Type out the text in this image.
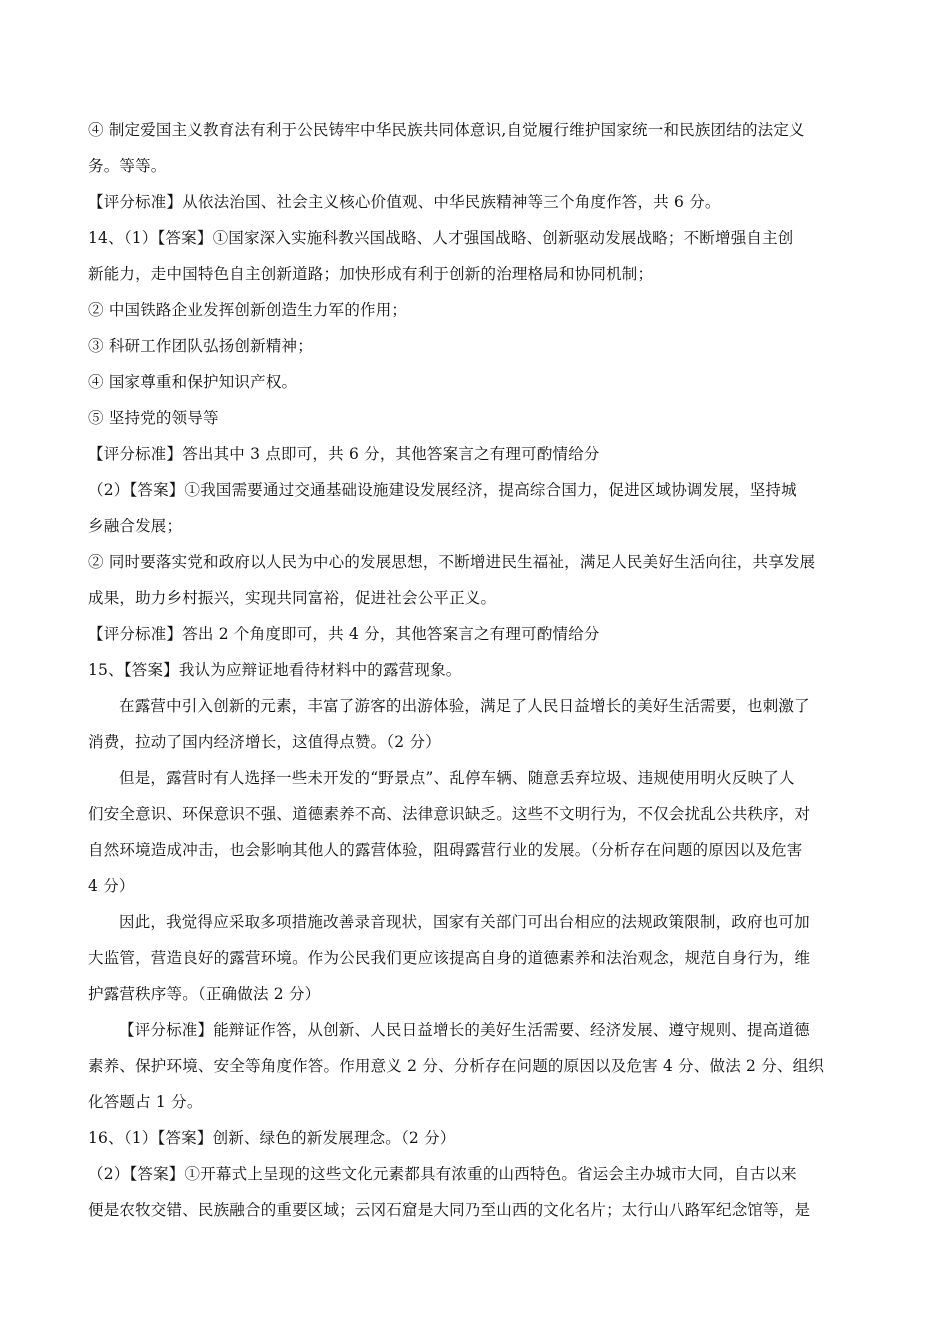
④ 制定爱国主义教育法有利于公民铸牢中华民族共同体意识,自觉履行维护国家统一和民族团结的法定义
务。等等。
【评分标准】从依法治国、社会主义核心价值观、中华民族精神等三个角度作答，共 6 分。
14、（1）【答案】①国家深入实施科教兴国战略、人才强国战略、创新驱动发展战略；不断增强自主创
新能力，走中国特色自主创新道路；加快形成有利于创新的治理格局和协同机制；
② 中国铁路企业发挥创新创造生力军的作用；
③ 科研工作团队弘扬创新精神；
④ 国家尊重和保护知识产权。
⑤ 坚持党的领导等
【评分标准】答出其中 3 点即可，共 6 分，其他答案言之有理可酌情给分
（2）【答案】①我国需要通过交通基础设施建设发展经济，提高综合国力，促进区域协调发展，坚持城
乡融合发展；
② 同时要落实党和政府以人民为中心的发展思想，不断增进民生福祉，满足人民美好生活向往，共享发展
成果，助力乡村振兴，实现共同富裕，促进社会公平正义。
【评分标准】答出 2 个角度即可，共 4 分，其他答案言之有理可酌情给分
15、【答案】我认为应辩证地看待材料中的露营现象。
在露营中引入创新的元素，丰富了游客的出游体验，满足了人民日益增长的美好生活需要，也刺激了
消费，拉动了国内经济增长，这值得点赞。（2 分）
但是，露营时有人选择一些未开发的“野景点”、乱停车辆、随意丢弃垃圾、违规使用明火反映了人
们安全意识、环保意识不强、道德素养不高、法律意识缺乏。这些不文明行为，不仅会扰乱公共秩序，对
自然环境造成冲击，也会影响其他人的露营体验，阻碍露营行业的发展。（分析存在问题的原因以及危害
4 分）
因此，我觉得应采取多项措施改善录音现状，国家有关部门可出台相应的法规政策限制，政府也可加
大监管，营造良好的露营环境。作为公民我们更应该提高自身的道德素养和法治观念，规范自身行为，维
护露营秩序等。（正确做法 2 分）
【评分标准】能辩证作答，从创新、人民日益增长的美好生活需要、经济发展、遵守规则、提高道德
素养、保护环境、安全等角度作答。作用意义 2 分、分析存在问题的原因以及危害 4 分、做法 2 分、组织
化答题占 1 分。
16、（1）【答案】创新、绿色的新发展理念。（2 分）
（2）【答案】①开幕式上呈现的这些文化元素都具有浓重的山西特色。省运会主办城市大同，自古以来
便是农牧交错、民族融合的重要区域；云冈石窟是大同乃至山西的文化名片；太行山八路军纪念馆等，是
